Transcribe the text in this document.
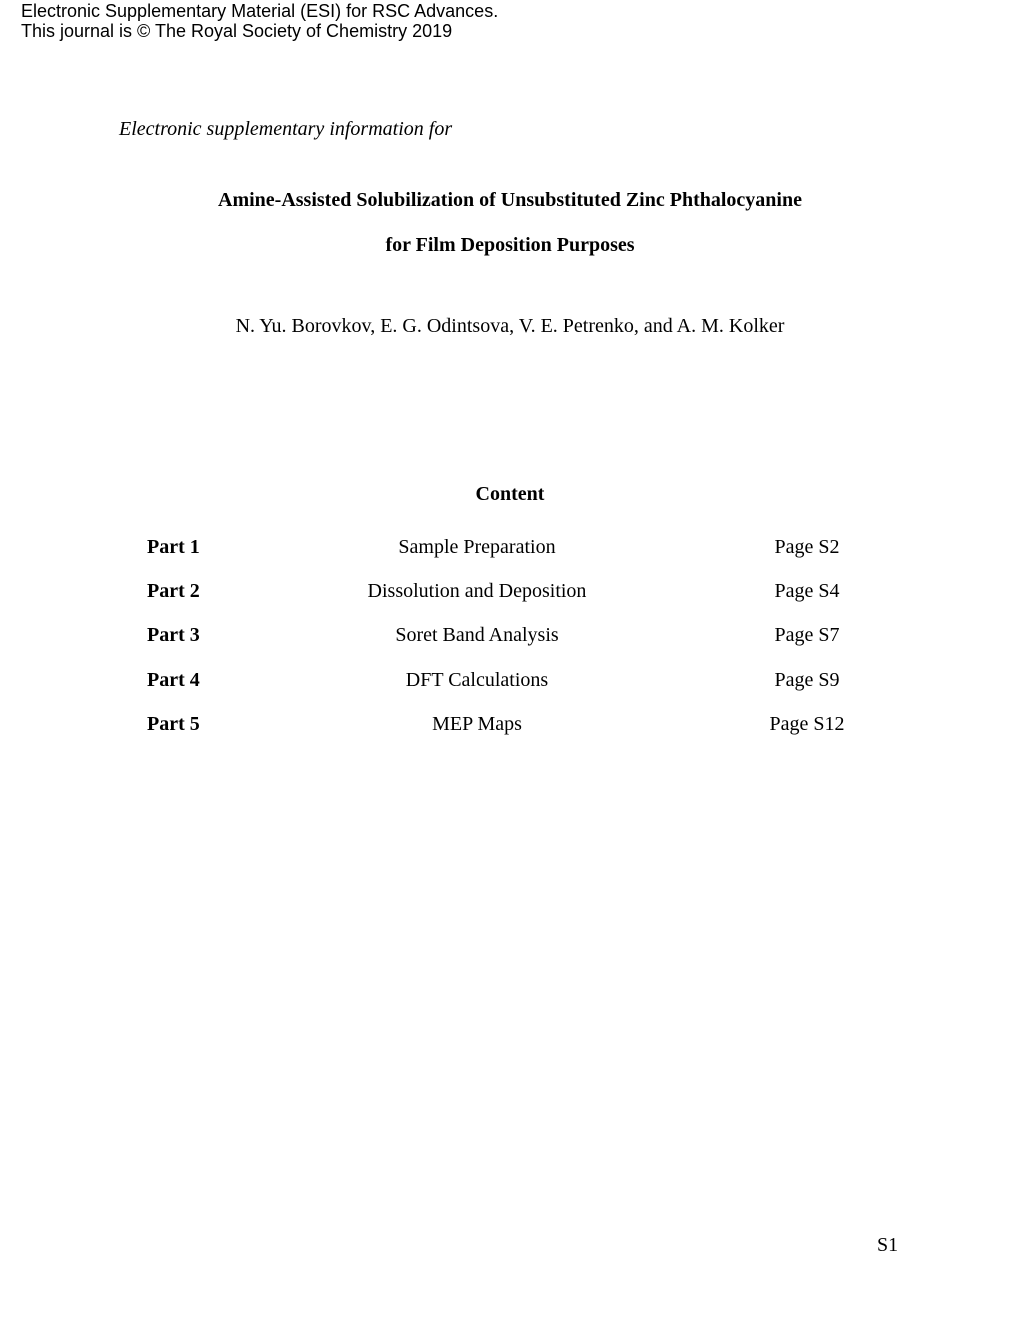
Electronic Supplementary Material (ESI) for RSC Advances.
This journal is © The Royal Society of Chemistry 2019
Electronic supplementary information for
Amine-Assisted Solubilization of Unsubstituted Zinc Phthalocyanine
for Film Deposition Purposes
N. Yu. Borovkov, E. G. Odintsova, V. E. Petrenko, and A. M. Kolker
Content
Part 1	Sample Preparation	Page S2
Part 2	Dissolution and Deposition	Page S4
Part 3	Soret Band Analysis	Page S7
Part 4	DFT Calculations	Page S9
Part 5	MEP Maps	Page S12
S1
